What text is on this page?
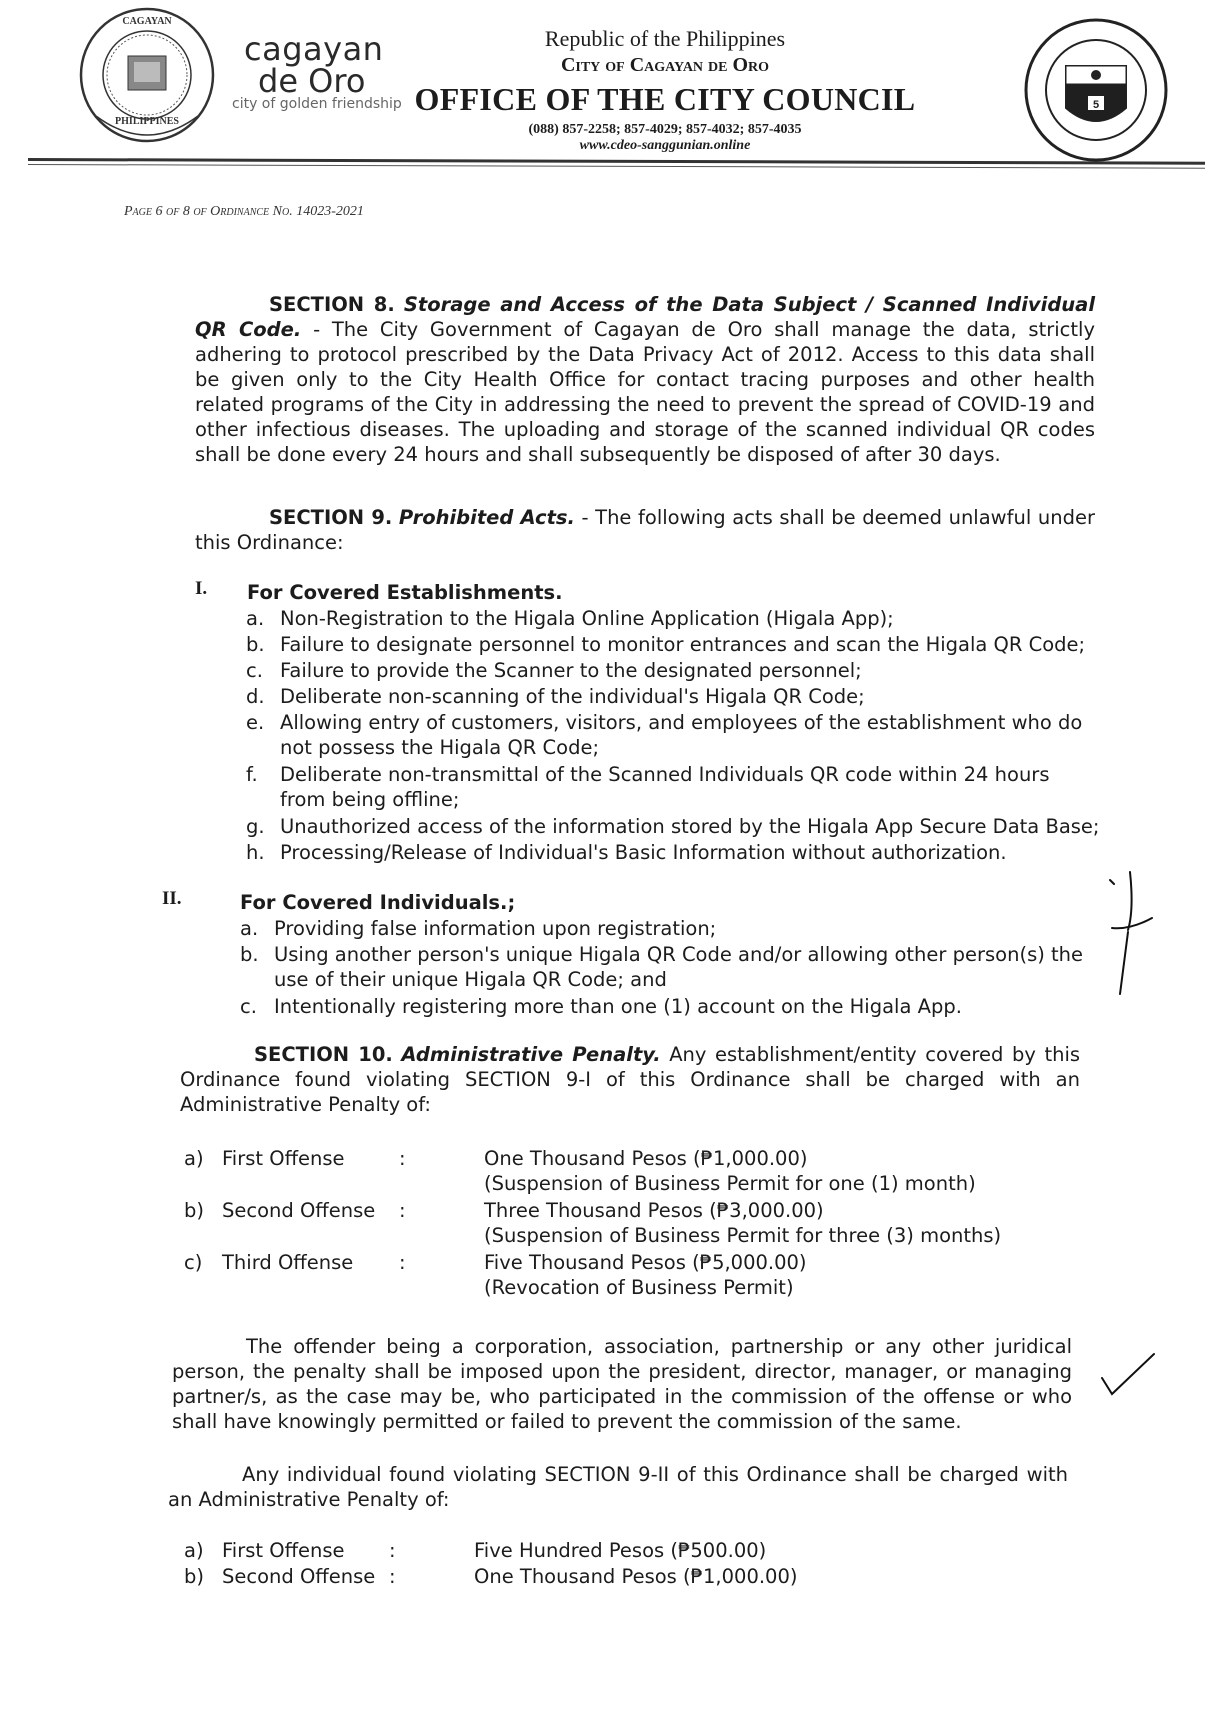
CAGAYAN
PHILIPPINES
cagayan
de Oro
city of golden friendship
Republic of the Philippines
City of Cagayan de Oro
OFFICE OF THE CITY COUNCIL
(088) 857-2258; 857-4029; 857-4032; 857-4035
www.cdeo-sanggunian.online
5
Page 6 of 8 of Ordinance No. 14023-2021
SECTION 8. Storage and Access of the Data Subject / Scanned Individual QR Code. - The City Government of Cagayan de Oro shall manage the data, strictly adhering to protocol prescribed by the Data Privacy Act of 2012. Access to this data shall be given only to the City Health Office for contact tracing purposes and other health related programs of the City in addressing the need to prevent the spread of COVID-19 and other infectious diseases. The uploading and storage of the scanned individual QR codes shall be done every 24 hours and shall subsequently be disposed of after 30 days.
SECTION 9. Prohibited Acts. - The following acts shall be deemed unlawful under this Ordinance:
I. For Covered Establishments.
a. Non-Registration to the Higala Online Application (Higala App);
b. Failure to designate personnel to monitor entrances and scan the Higala QR Code;
c. Failure to provide the Scanner to the designated personnel;
d. Deliberate non-scanning of the individual's Higala QR Code;
e. Allowing entry of customers, visitors, and employees of the establishment who do not possess the Higala QR Code;
f. Deliberate non-transmittal of the Scanned Individuals QR code within 24 hours from being offline;
g. Unauthorized access of the information stored by the Higala App Secure Data Base;
h. Processing/Release of Individual's Basic Information without authorization.
II.	For Covered Individuals.;
a. Providing false information upon registration;
b. Using another person's unique Higala QR Code and/or allowing other person(s) the use of their unique Higala QR Code; and
c. Intentionally registering more than one (1) account on the Higala App.
SECTION 10. Administrative Penalty. Any establishment/entity covered by this Ordinance found violating SECTION 9-I of this Ordinance shall be charged with an Administrative Penalty of:
a) First Offense	:	One Thousand Pesos (₱1,000.00)
(Suspension of Business Permit for one (1) month)
b) Second Offense :	Three Thousand Pesos (₱3,000.00)
(Suspension of Business Permit for three (3) months)
c) Third Offense :	Five Thousand Pesos (₱5,000.00)
(Revocation of Business Permit)
The offender being a corporation, association, partnership or any other juridical person, the penalty shall be imposed upon the president, director, manager, or managing partner/s, as the case may be, who participated in the commission of the offense or who shall have knowingly permitted or failed to prevent the commission of the same.
Any individual found violating SECTION 9-II of this Ordinance shall be charged with an Administrative Penalty of:
a) First Offense :	Five Hundred Pesos (₱500.00)
b) Second Offense :	One Thousand Pesos (₱1,000.00)
